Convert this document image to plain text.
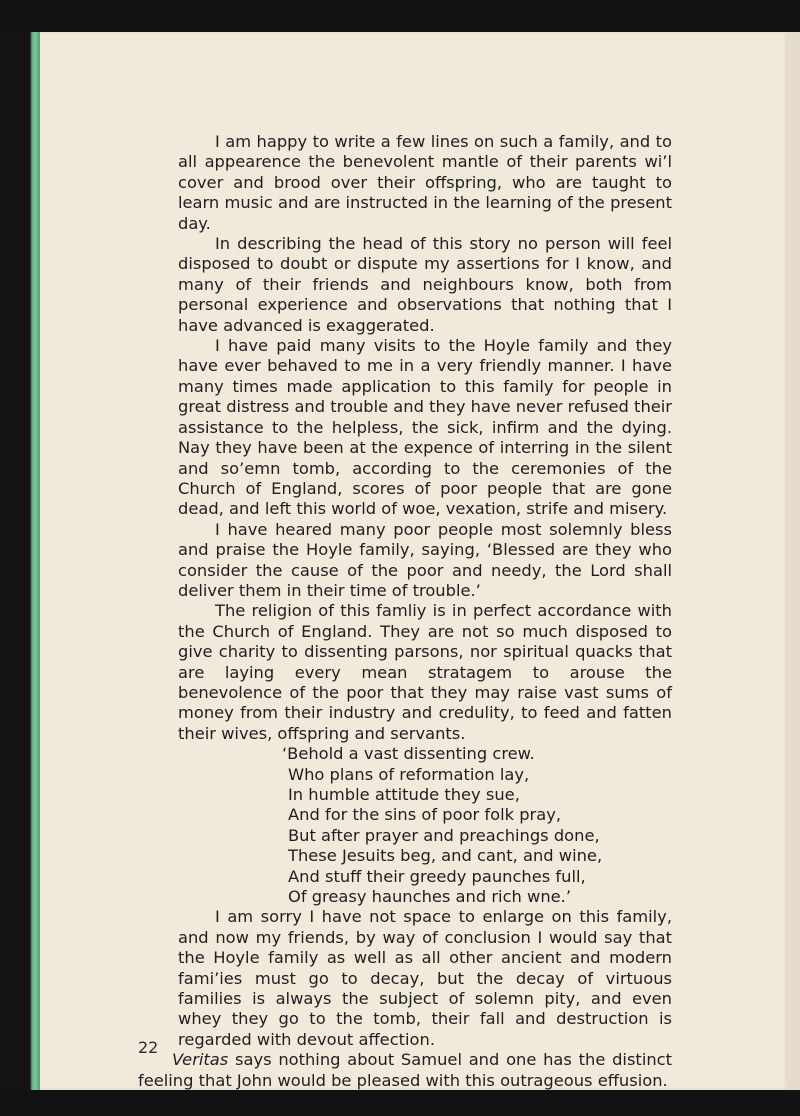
I am happy to write a few lines on such a family, and to all appearence the benevolent mantle of their parents wi’l cover and brood over their offspring, who are taught to learn music and are instructed in the learning of the present day.

In describing the head of this story no person will feel disposed to doubt or dispute my assertions for I know, and many of their friends and neighbours know, both from personal experience and observations that nothing that I have advanced is exaggerated.

I have paid many visits to the Hoyle family and they have ever behaved to me in a very friendly manner. I have many times made application to this family for people in great distress and trouble and they have never refused their assistance to the helpless, the sick, infirm and the dying. Nay they have been at the expence of interring in the silent and so’emn tomb, according to the ceremonies of the Church of England, scores of poor people that are gone dead, and left this world of woe, vexation, strife and misery.

I have heared many poor people most solemnly bless and praise the Hoyle family, saying, ‘Blessed are they who consider the cause of the poor and needy, the Lord shall deliver them in their time of trouble.’

The religion of this famliy is in perfect accordance with the Church of England. They are not so much disposed to give charity to dissenting parsons, nor spiritual quacks that are laying every mean stratagem to arouse the benevolence of the poor that they may raise vast sums of money from their industry and credulity, to feed and fatten their wives, offspring and servants.

‘Behold a vast dissenting crew.
Who plans of reformation lay,
In humble attitude they sue,
And for the sins of poor folk pray,
But after prayer and preachings done,
These Jesuits beg, and cant, and wine,
And stuff their greedy paunches full,
Of greasy haunches and rich wne.’

I am sorry I have not space to enlarge on this family, and now my friends, by way of conclusion I would say that the Hoyle family as well as all other ancient and modern fami’ies must go to decay, but the decay of virtuous families is always the subject of solemn pity, and even whey they go to the tomb, their fall and destruction is regarded with devout affection.

Veritas says nothing about Samuel and one has the distinct feeling that John would be pleased with this outrageous effusion.

22
